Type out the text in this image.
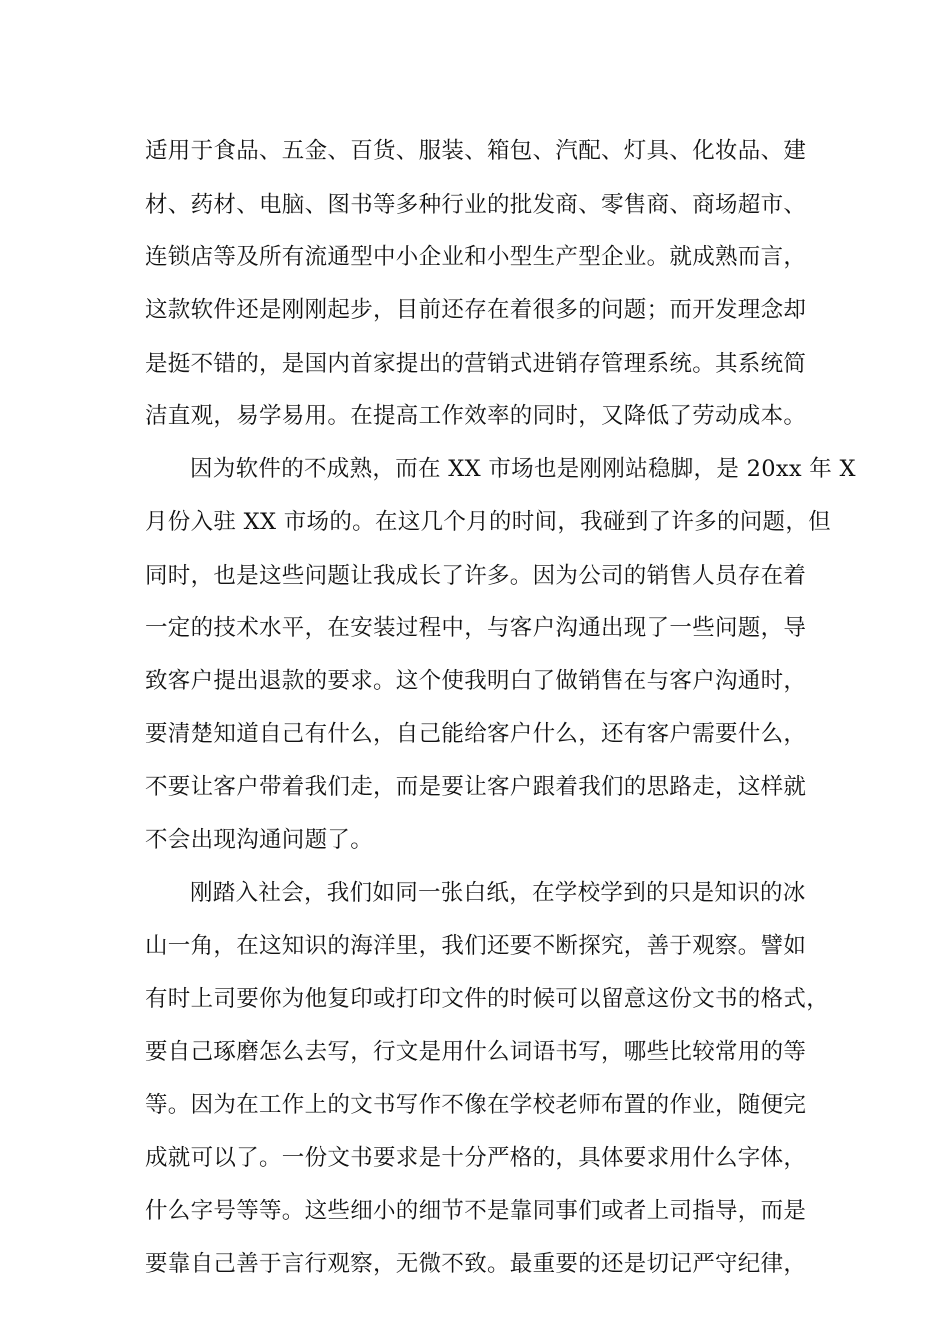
适用于食品、五金、百货、服装、箱包、汽配、灯具、化妆品、建
材、药材、电脑、图书等多种行业的批发商、零售商、商场超市、
连锁店等及所有流通型中小企业和小型生产型企业。就成熟而言，
这款软件还是刚刚起步，目前还存在着很多的问题；而开发理念却
是挺不错的，是国内首家提出的营销式进销存管理系统。其系统简
洁直观，易学易用。在提高工作效率的同时，又降低了劳动成本。
因为软件的不成熟，而在 XX 市场也是刚刚站稳脚，是 20xx 年 X
月份入驻 XX 市场的。在这几个月的时间，我碰到了许多的问题，但
同时，也是这些问题让我成长了许多。因为公司的销售人员存在着
一定的技术水平，在安装过程中，与客户沟通出现了一些问题，导
致客户提出退款的要求。这个使我明白了做销售在与客户沟通时，
要清楚知道自己有什么，自己能给客户什么，还有客户需要什么，
不要让客户带着我们走，而是要让客户跟着我们的思路走，这样就
不会出现沟通问题了。
刚踏入社会，我们如同一张白纸，在学校学到的只是知识的冰
山一角，在这知识的海洋里，我们还要不断探究，善于观察。譬如
有时上司要你为他复印或打印文件的时候可以留意这份文书的格式，
要自己琢磨怎么去写，行文是用什么词语书写，哪些比较常用的等
等。因为在工作上的文书写作不像在学校老师布置的作业，随便完
成就可以了。一份文书要求是十分严格的，具体要求用什么字体，
什么字号等等。这些细小的细节不是靠同事们或者上司指导，而是
要靠自己善于言行观察，无微不致。最重要的还是切记严守纪律，
